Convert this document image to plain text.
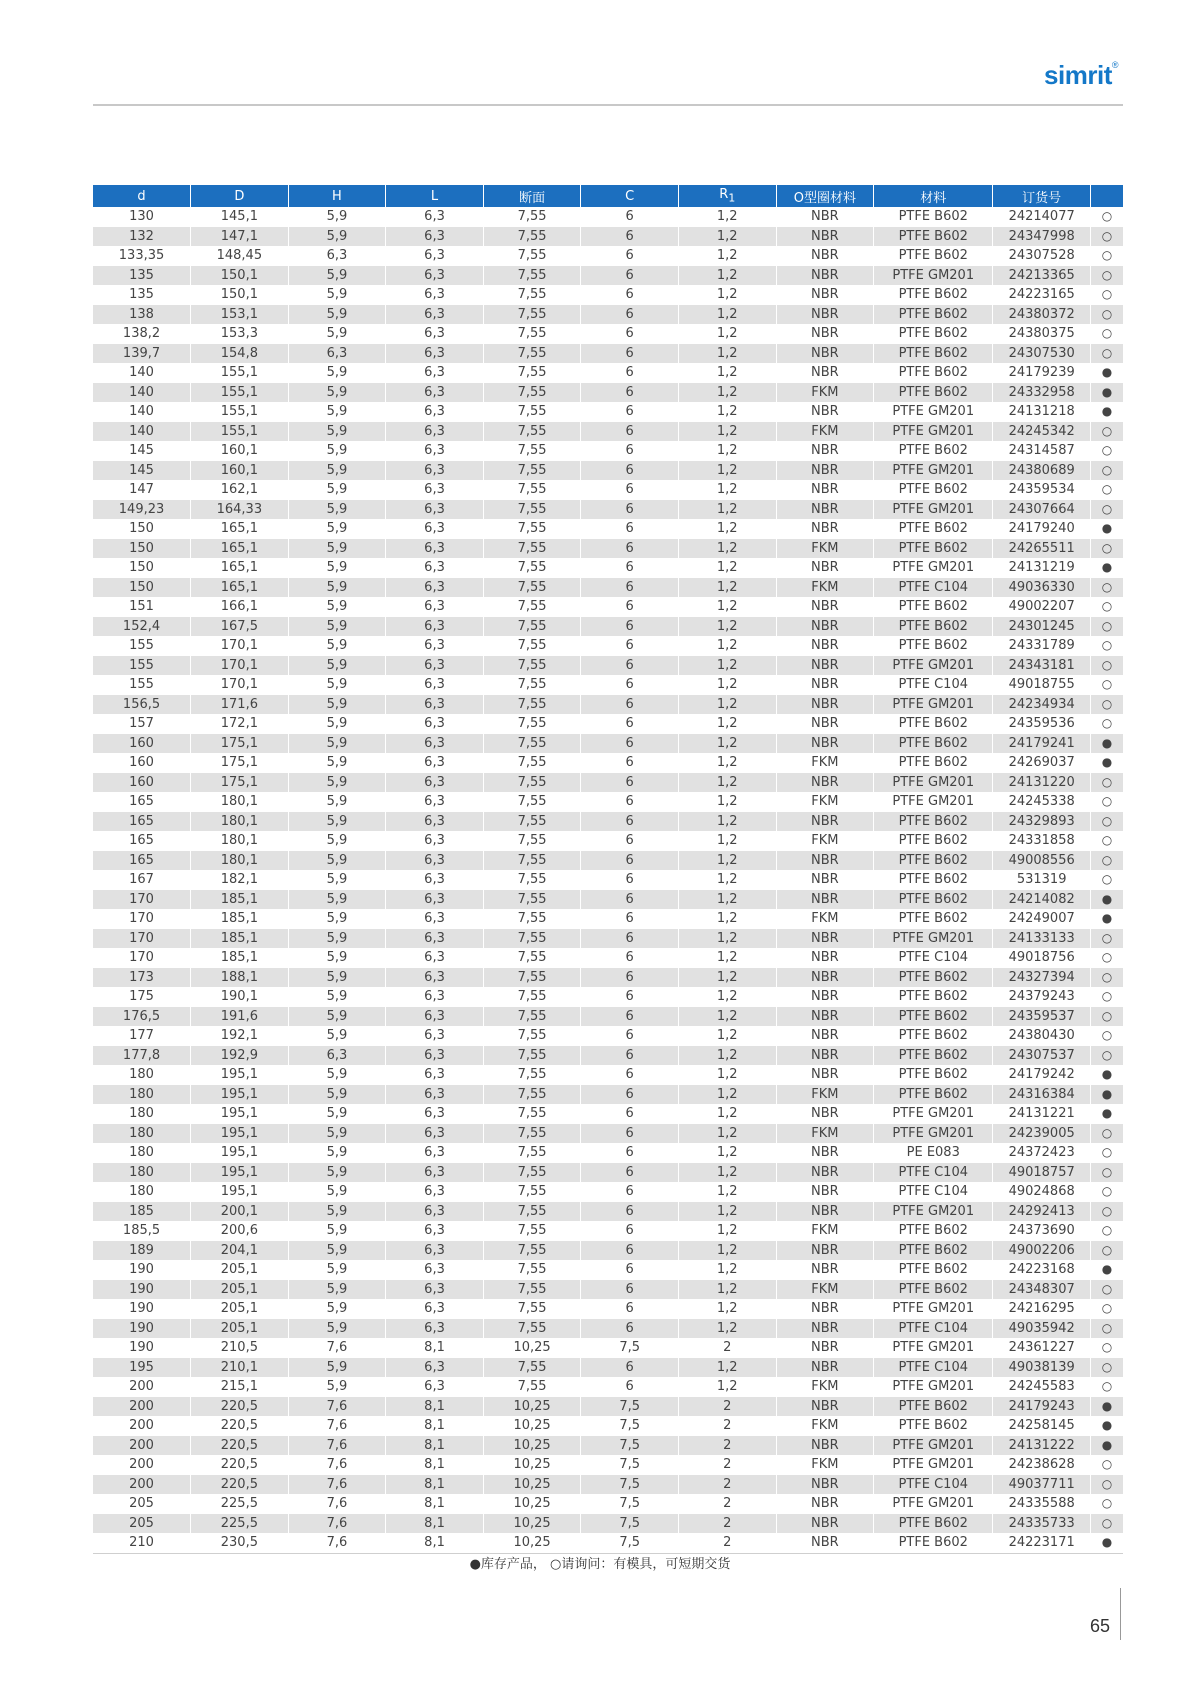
simrit®
d	D	H	L	断面	C	$R_1$	O型圈材料	材料	订货号	
130	145,1	5,9	6,3	7,55	6	1,2	NBR	PTFE B602	24214077	○
132	147,1	5,9	6,3	7,55	6	1,2	NBR	PTFE B602	24347998	○
133,35	148,45	6,3	6,3	7,55	6	1,2	NBR	PTFE B602	24307528	○
135	150,1	5,9	6,3	7,55	6	1,2	NBR	PTFE GM201	24213365	○
135	150,1	5,9	6,3	7,55	6	1,2	NBR	PTFE B602	24223165	○
138	153,1	5,9	6,3	7,55	6	1,2	NBR	PTFE B602	24380372	○
138,2	153,3	5,9	6,3	7,55	6	1,2	NBR	PTFE B602	24380375	○
139,7	154,8	6,3	6,3	7,55	6	1,2	NBR	PTFE B602	24307530	○
140	155,1	5,9	6,3	7,55	6	1,2	NBR	PTFE B602	24179239	●
140	155,1	5,9	6,3	7,55	6	1,2	FKM	PTFE B602	24332958	●
140	155,1	5,9	6,3	7,55	6	1,2	NBR	PTFE GM201	24131218	●
140	155,1	5,9	6,3	7,55	6	1,2	FKM	PTFE GM201	24245342	○
145	160,1	5,9	6,3	7,55	6	1,2	NBR	PTFE B602	24314587	○
145	160,1	5,9	6,3	7,55	6	1,2	NBR	PTFE GM201	24380689	○
147	162,1	5,9	6,3	7,55	6	1,2	NBR	PTFE B602	24359534	○
149,23	164,33	5,9	6,3	7,55	6	1,2	NBR	PTFE GM201	24307664	○
150	165,1	5,9	6,3	7,55	6	1,2	NBR	PTFE B602	24179240	●
150	165,1	5,9	6,3	7,55	6	1,2	FKM	PTFE B602	24265511	○
150	165,1	5,9	6,3	7,55	6	1,2	NBR	PTFE GM201	24131219	●
150	165,1	5,9	6,3	7,55	6	1,2	FKM	PTFE C104	49036330	○
151	166,1	5,9	6,3	7,55	6	1,2	NBR	PTFE B602	49002207	○
152,4	167,5	5,9	6,3	7,55	6	1,2	NBR	PTFE B602	24301245	○
155	170,1	5,9	6,3	7,55	6	1,2	NBR	PTFE B602	24331789	○
155	170,1	5,9	6,3	7,55	6	1,2	NBR	PTFE GM201	24343181	○
155	170,1	5,9	6,3	7,55	6	1,2	NBR	PTFE C104	49018755	○
156,5	171,6	5,9	6,3	7,55	6	1,2	NBR	PTFE GM201	24234934	○
157	172,1	5,9	6,3	7,55	6	1,2	NBR	PTFE B602	24359536	○
160	175,1	5,9	6,3	7,55	6	1,2	NBR	PTFE B602	24179241	●
160	175,1	5,9	6,3	7,55	6	1,2	FKM	PTFE B602	24269037	●
160	175,1	5,9	6,3	7,55	6	1,2	NBR	PTFE GM201	24131220	○
165	180,1	5,9	6,3	7,55	6	1,2	FKM	PTFE GM201	24245338	○
165	180,1	5,9	6,3	7,55	6	1,2	NBR	PTFE B602	24329893	○
165	180,1	5,9	6,3	7,55	6	1,2	FKM	PTFE B602	24331858	○
165	180,1	5,9	6,3	7,55	6	1,2	NBR	PTFE B602	49008556	○
167	182,1	5,9	6,3	7,55	6	1,2	NBR	PTFE B602	531319	○
170	185,1	5,9	6,3	7,55	6	1,2	NBR	PTFE B602	24214082	●
170	185,1	5,9	6,3	7,55	6	1,2	FKM	PTFE B602	24249007	●
170	185,1	5,9	6,3	7,55	6	1,2	NBR	PTFE GM201	24133133	○
170	185,1	5,9	6,3	7,55	6	1,2	NBR	PTFE C104	49018756	○
173	188,1	5,9	6,3	7,55	6	1,2	NBR	PTFE B602	24327394	○
175	190,1	5,9	6,3	7,55	6	1,2	NBR	PTFE B602	24379243	○
176,5	191,6	5,9	6,3	7,55	6	1,2	NBR	PTFE B602	24359537	○
177	192,1	5,9	6,3	7,55	6	1,2	NBR	PTFE B602	24380430	○
177,8	192,9	6,3	6,3	7,55	6	1,2	NBR	PTFE B602	24307537	○
180	195,1	5,9	6,3	7,55	6	1,2	NBR	PTFE B602	24179242	●
180	195,1	5,9	6,3	7,55	6	1,2	FKM	PTFE B602	24316384	●
180	195,1	5,9	6,3	7,55	6	1,2	NBR	PTFE GM201	24131221	●
180	195,1	5,9	6,3	7,55	6	1,2	FKM	PTFE GM201	24239005	○
180	195,1	5,9	6,3	7,55	6	1,2	NBR	PE E083	24372423	○
180	195,1	5,9	6,3	7,55	6	1,2	NBR	PTFE C104	49018757	○
180	195,1	5,9	6,3	7,55	6	1,2	NBR	PTFE C104	49024868	○
185	200,1	5,9	6,3	7,55	6	1,2	NBR	PTFE GM201	24292413	○
185,5	200,6	5,9	6,3	7,55	6	1,2	FKM	PTFE B602	24373690	○
189	204,1	5,9	6,3	7,55	6	1,2	NBR	PTFE B602	49002206	○
190	205,1	5,9	6,3	7,55	6	1,2	NBR	PTFE B602	24223168	●
190	205,1	5,9	6,3	7,55	6	1,2	FKM	PTFE B602	24348307	○
190	205,1	5,9	6,3	7,55	6	1,2	NBR	PTFE GM201	24216295	○
190	205,1	5,9	6,3	7,55	6	1,2	NBR	PTFE C104	49035942	○
190	210,5	7,6	8,1	10,25	7,5	2	NBR	PTFE GM201	24361227	○
195	210,1	5,9	6,3	7,55	6	1,2	NBR	PTFE C104	49038139	○
200	215,1	5,9	6,3	7,55	6	1,2	FKM	PTFE GM201	24245583	○
200	220,5	7,6	8,1	10,25	7,5	2	NBR	PTFE B602	24179243	●
200	220,5	7,6	8,1	10,25	7,5	2	FKM	PTFE B602	24258145	●
200	220,5	7,6	8,1	10,25	7,5	2	NBR	PTFE GM201	24131222	●
200	220,5	7,6	8,1	10,25	7,5	2	FKM	PTFE GM201	24238628	○
200	220,5	7,6	8,1	10,25	7,5	2	NBR	PTFE C104	49037711	○
205	225,5	7,6	8,1	10,25	7,5	2	NBR	PTFE GM201	24335588	○
205	225,5	7,6	8,1	10,25	7,5	2	NBR	PTFE B602	24335733	○
210	230,5	7,6	8,1	10,25	7,5	2	NBR	PTFE B602	24223171	●
●库存产品， ○请询问：有模具，可短期交货
65
